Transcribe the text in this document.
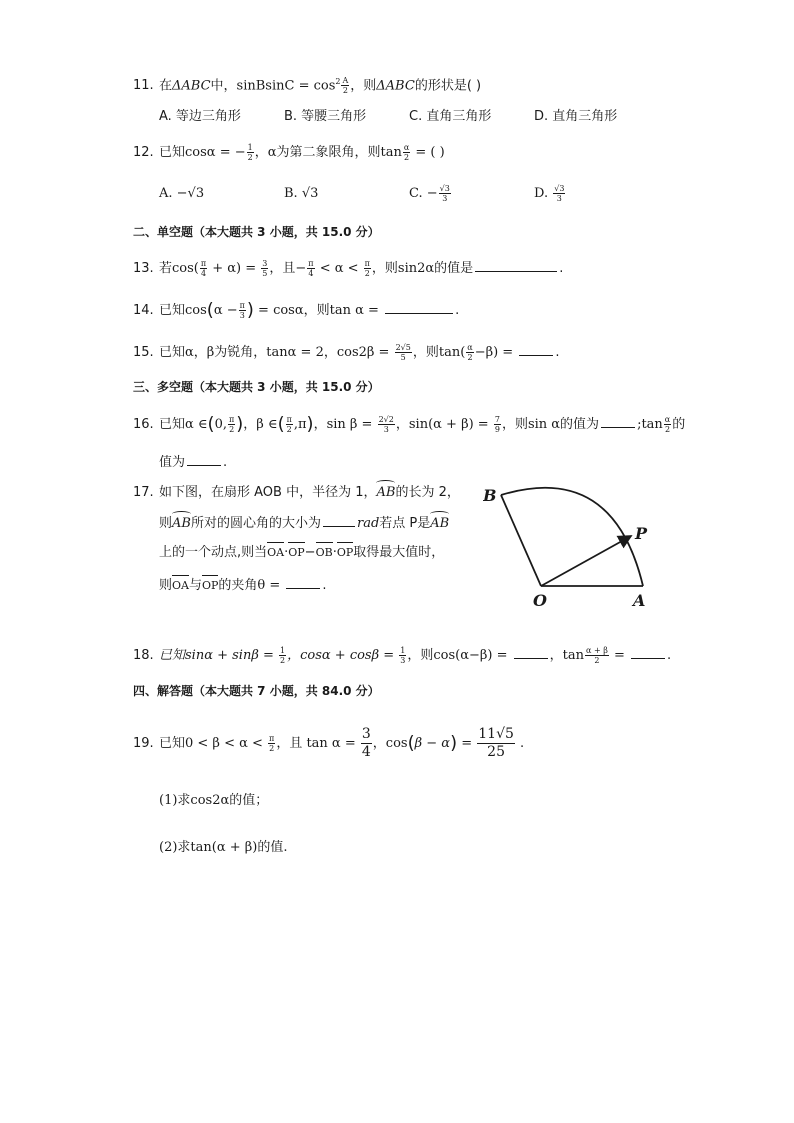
11. 在ΔABC中，sinBsinC = $\cos^2 \frac{A}{2}$ ，则ΔABC的形状是( )
A. 等边三角形	B. 等腰三角形	C. 直角三角形	D. 直角三角形
12. 已知cosα = − $\frac{1}{2}$ ，α为第二象限角，则$\tan \frac{\alpha}{2}$ = ( )
A. −√3	B. √3	C. − $\frac{√3}{3}$	D. $\frac{√3}{3}$
二、单空题（本大题共 3 小题，共 15.0 分）
13. 若$\cos( \frac{\pi}{4} + \alpha) = \frac{3}{5}$ ，且− $\frac{\pi}{4} < \alpha < \frac{\pi}{2}$ ，则sin2α的值是	.
14. 已知$\cos(\alpha - \frac{\pi}{3}$ ) = cosα，则tan α =	.
15. 已知α，β为锐角，tanα = 2，$\cos 2\beta = \frac{2√5}{5}$ ，则$\tan( \frac{\alpha}{2} -\beta)$ =	.
三、多空题（本大题共 3 小题，共 15.0 分）
16. 已知α ∈(0, $\frac{\pi}{2}$ )，β ∈( $\frac{\pi}{2} ,\pi$)，$\sin \beta = \frac{2√2}{3}$ ，$\sin(\alpha + \beta) = \frac{7}{9}$ ，则sin α的值为	;tan $\frac{\alpha}{2}$ 的
值为	.
17. 如下图，在扇形 AOB 中，半径为 1，AB的长为 2，
则AB所对的圆心角的大小为	rad若点 P是AB
上的一个动点,则当OA·OP−OB·OP取得最大值时，
则OA与OP的夹角θ =	.
B
P
O	A
18. 已知$\sin\alpha + \sin\beta = \frac{1}{2}$ ，$\cos\alpha + \cos\beta = \frac{1}{3}$ ，则cos(α−β) =	，$\tan \frac{\alpha + \beta}{2}$ =	.
四、解答题（本大题共 7 小题，共 84.0 分）
19. 已知$0 < \beta < \alpha < \frac{\pi}{2}$ ，且 $\tan \alpha = \frac{3}{4}$ ，$\cos(\beta - \alpha) = \frac{11√5}{25}$ .
(1)求cos2α的值；
(2)求tan(α + β)的值.
